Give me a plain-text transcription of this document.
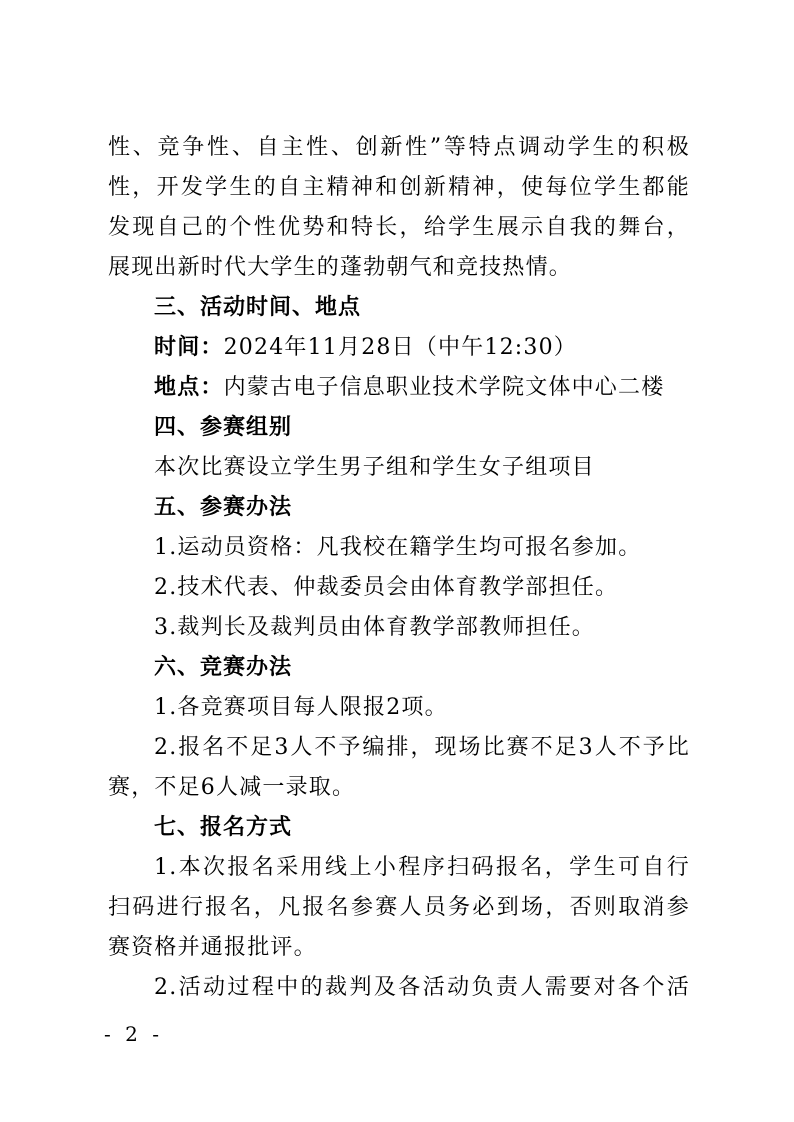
性、竞争性、自主性、创新性”等特点调动学生的积极
性，开发学生的自主精神和创新精神，使每位学生都能
发现自己的个性优势和特长，给学生展示自我的舞台，
展现出新时代大学生的蓬勃朝气和竞技热情。
三、活动时间、地点
时间：2024年11月28日（中午12:30）
地点：内蒙古电子信息职业技术学院文体中心二楼
四、参赛组别
本次比赛设立学生男子组和学生女子组项目
五、参赛办法
1.运动员资格：凡我校在籍学生均可报名参加。
2.技术代表、仲裁委员会由体育教学部担任。
3.裁判长及裁判员由体育教学部教师担任。
六、竞赛办法
1.各竞赛项目每人限报2项。
2.报名不足3人不予编排，现场比赛不足3人不予比
赛，不足6人减一录取。
七、报名方式
1.本次报名采用线上小程序扫码报名，学生可自行
扫码进行报名，凡报名参赛人员务必到场，否则取消参
赛资格并通报批评。
2.活动过程中的裁判及各活动负责人需要对各个活
- 2 -
